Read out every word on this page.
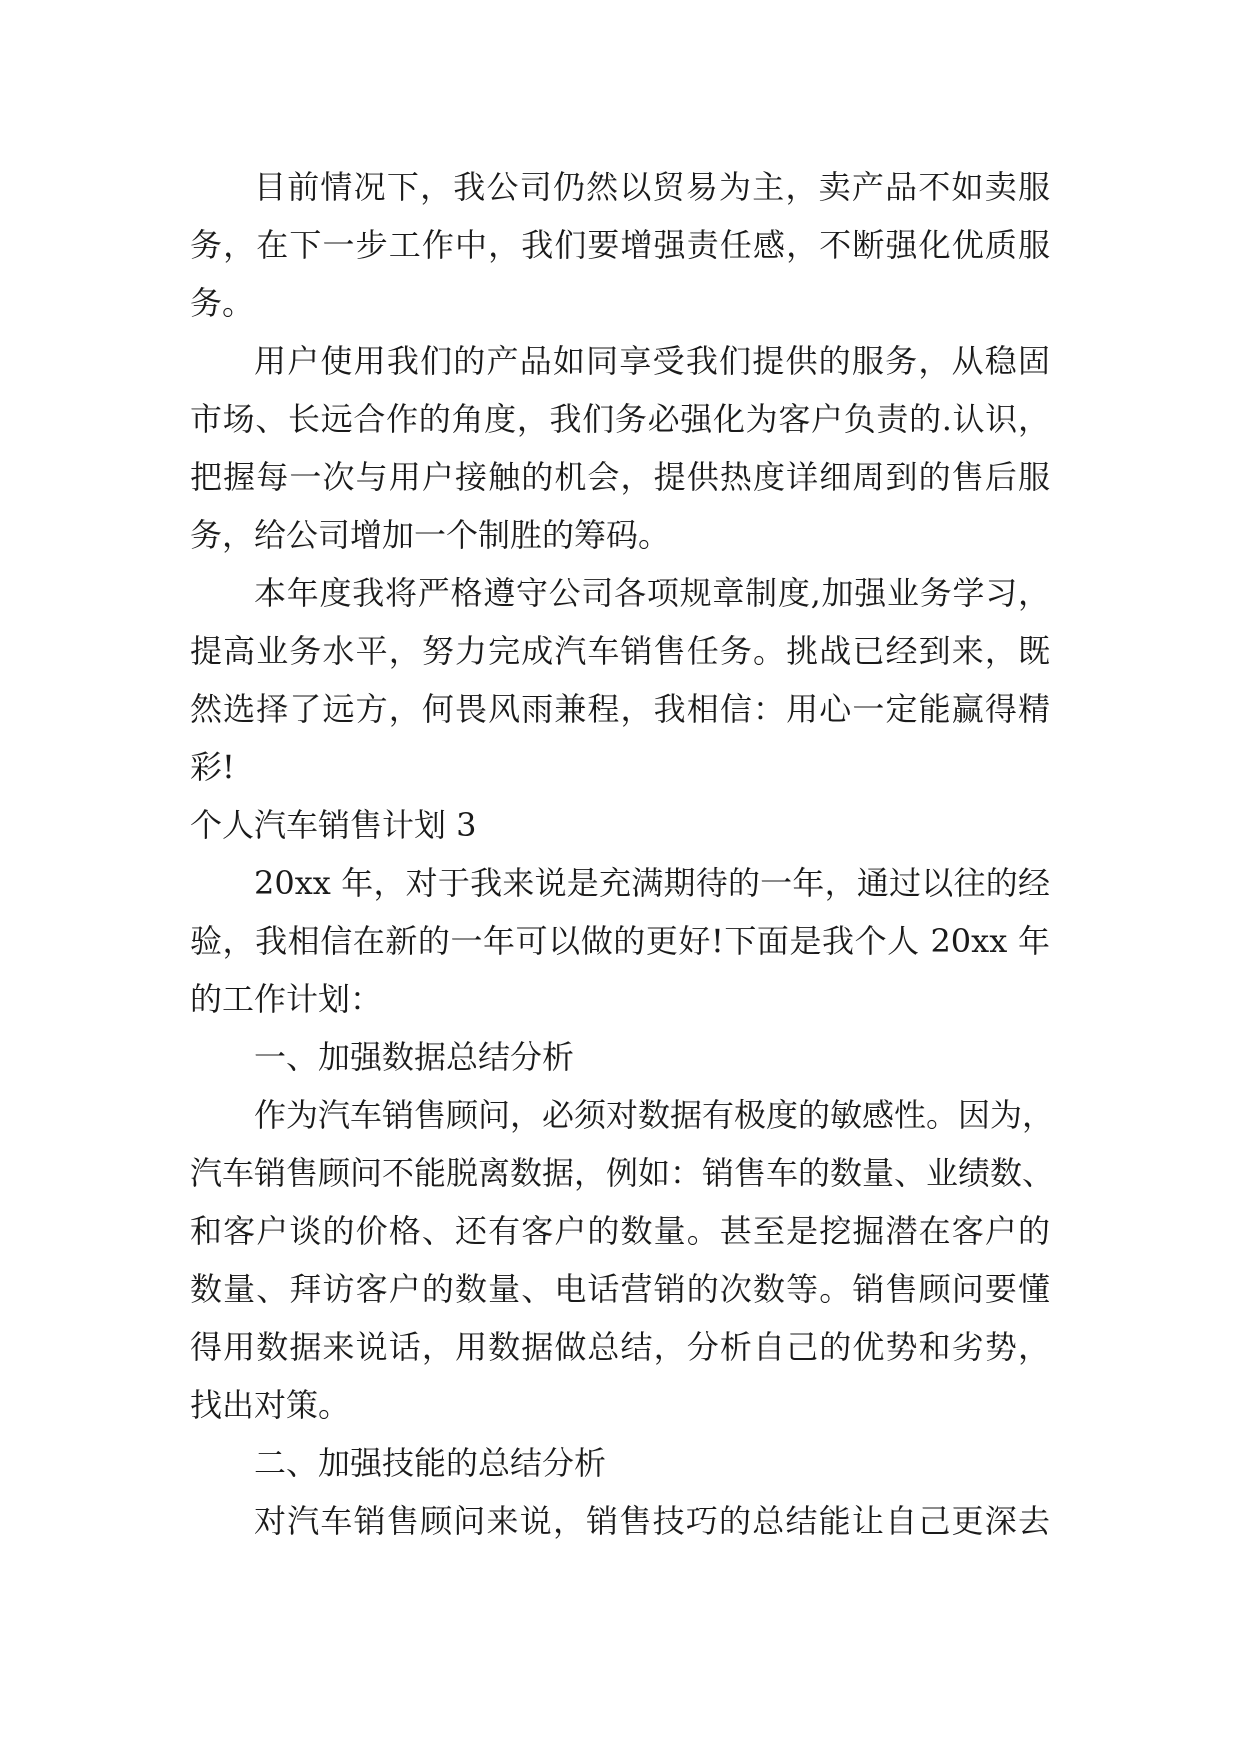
目前情况下，我公司仍然以贸易为主，卖产品不如卖服
务，在下一步工作中，我们要增强责任感，不断强化优质服
务。
用户使用我们的产品如同享受我们提供的服务，从稳固
市场、长远合作的角度，我们务必强化为客户负责的.认识，
把握每一次与用户接触的机会，提供热度详细周到的售后服
务，给公司增加一个制胜的筹码。
本年度我将严格遵守公司各项规章制度,加强业务学习，
提高业务水平，努力完成汽车销售任务。挑战已经到来，既
然选择了远方，何畏风雨兼程，我相信：用心一定能赢得精
彩!
个人汽车销售计划 3
20xx 年，对于我来说是充满期待的一年，通过以往的经
验，我相信在新的一年可以做的更好!下面是我个人 20xx 年
的工作计划：
一、加强数据总结分析
作为汽车销售顾问，必须对数据有极度的敏感性。因为，
汽车销售顾问不能脱离数据，例如：销售车的数量、业绩数、
和客户谈的价格、还有客户的数量。甚至是挖掘潜在客户的
数量、拜访客户的数量、电话营销的次数等。销售顾问要懂
得用数据来说话，用数据做总结，分析自己的优势和劣势，
找出对策。
二、加强技能的总结分析
对汽车销售顾问来说，销售技巧的总结能让自己更深去
